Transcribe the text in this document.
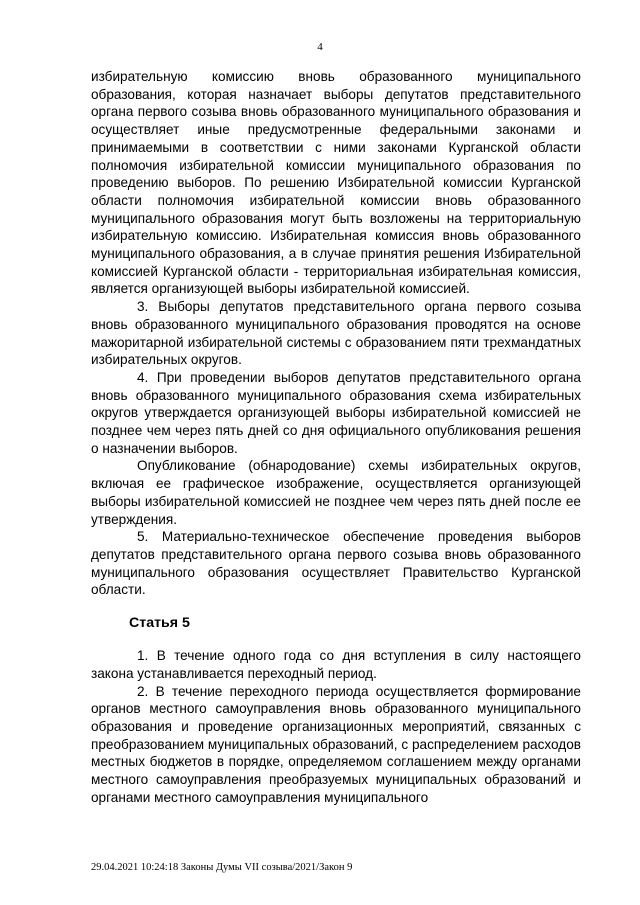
4

избирательную комиссию вновь образованного муниципального образования, которая назначает выборы депутатов представительного органа первого созыва вновь образованного муниципального образования и осуществляет иные предусмотренные федеральными законами и принимаемыми в соответствии с ними законами Курганской области полномочия избирательной комиссии муниципального образования по проведению выборов. По решению Избирательной комиссии Курганской области полномочия избирательной комиссии вновь образованного муниципального образования могут быть возложены на территориальную избирательную комиссию. Избирательная комиссия вновь образованного муниципального образования, а в случае принятия решения Избирательной комиссией Курганской области - территориальная избирательная комиссия, является организующей выборы избирательной комиссией.

3. Выборы депутатов представительного органа первого созыва вновь образованного муниципального образования проводятся на основе мажоритарной избирательной системы с образованием пяти трехмандатных избирательных округов.

4. При проведении выборов депутатов представительного органа вновь образованного муниципального образования схема избирательных округов утверждается организующей выборы избирательной комиссией не позднее чем через пять дней со дня официального опубликования решения о назначении выборов.

Опубликование (обнародование) схемы избирательных округов, включая ее графическое изображение, осуществляется организующей выборы избирательной комиссией не позднее чем через пять дней после ее утверждения.

5. Материально-техническое обеспечение проведения выборов депутатов представительного органа первого созыва вновь образованного муниципального образования осуществляет Правительство Курганской области.

Статья 5

1. В течение одного года со дня вступления в силу настоящего закона устанавливается переходный период.

2. В течение переходного периода осуществляется формирование органов местного самоуправления вновь образованного муниципального образования и проведение организационных мероприятий, связанных с преобразованием муниципальных образований, с распределением расходов местных бюджетов в порядке, определяемом соглашением между органами местного самоуправления преобразуемых муниципальных образований и органами местного самоуправления муниципального

29.04.2021 10:24:18 Законы Думы VII созыва/2021/Закон 9
